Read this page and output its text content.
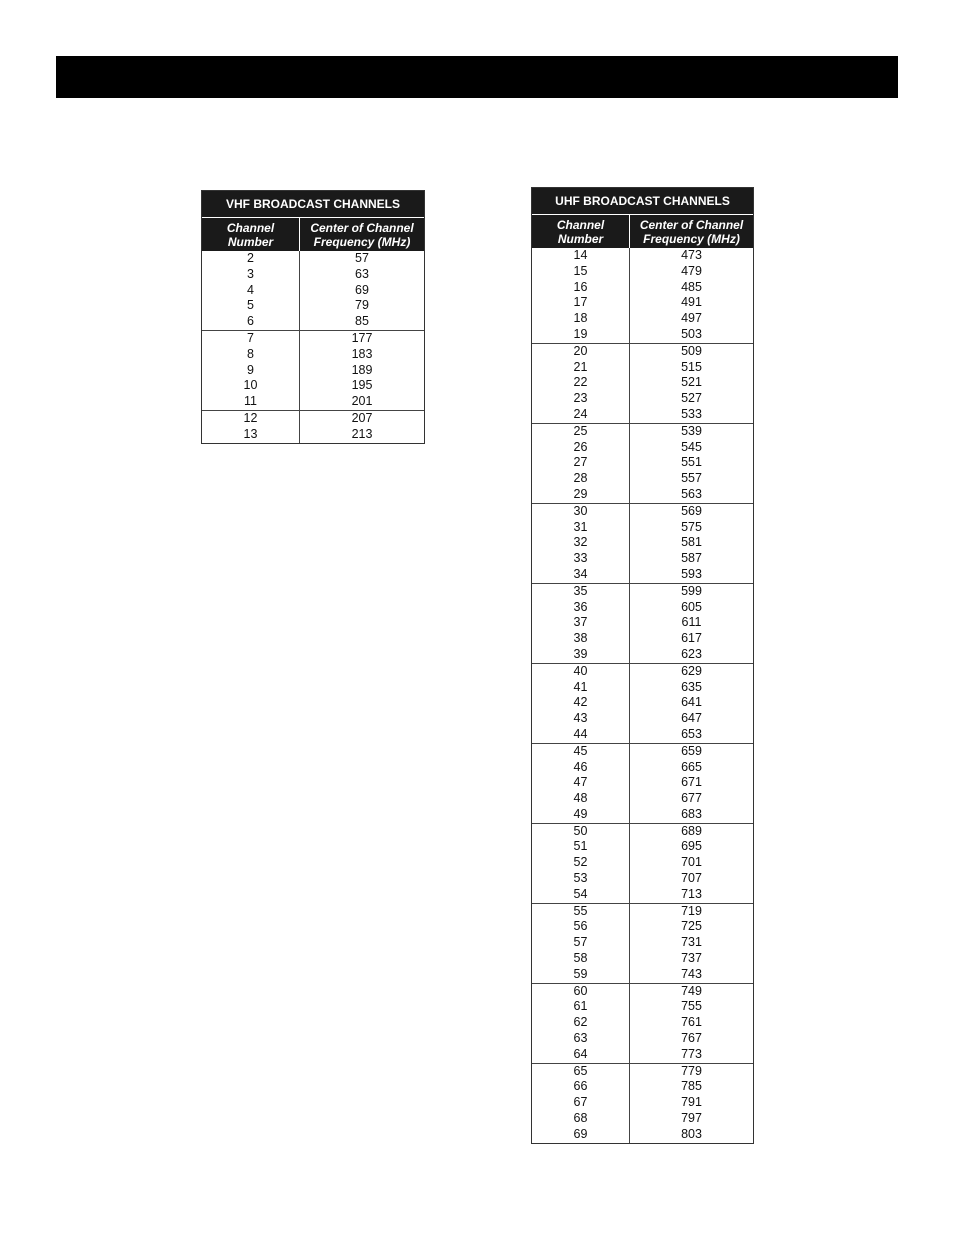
VHF BROADCAST CHANNELS
Channel
Number
Center of Channel
Frequency (MHz)
2
3
4
5
6
57
63
69
79
85
7
8
9
10
11
177
183
189
195
201
12
13
207
213
UHF BROADCAST CHANNELS
Channel
Number
Center of Channel
Frequency (MHz)
14
15
16
17
18
19
473
479
485
491
497
503
20
21
22
23
24
509
515
521
527
533
25
26
27
28
29
539
545
551
557
563
30
31
32
33
34
569
575
581
587
593
35
36
37
38
39
599
605
611
617
623
40
41
42
43
44
629
635
641
647
653
45
46
47
48
49
659
665
671
677
683
50
51
52
53
54
689
695
701
707
713
55
56
57
58
59
719
725
731
737
743
60
61
62
63
64
749
755
761
767
773
65
66
67
68
69
779
785
791
797
803
